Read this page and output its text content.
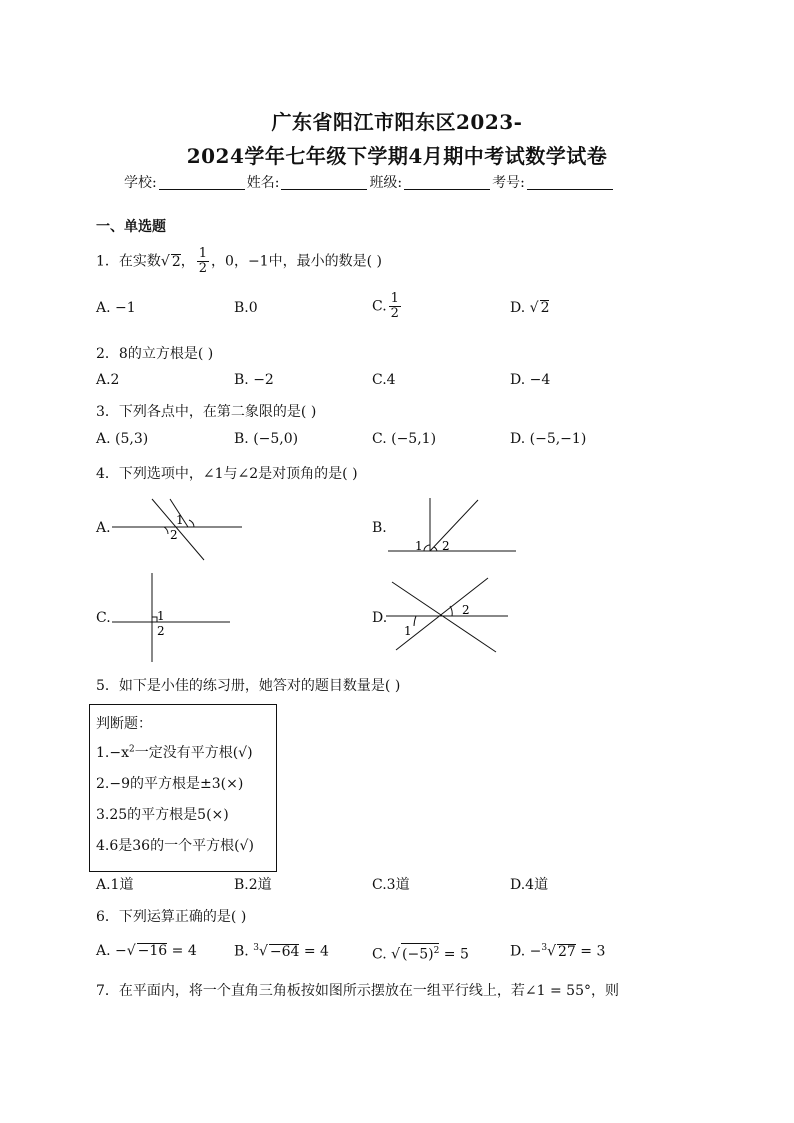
广东省阳江市阳东区2023-
2024学年七年级下学期4月期中考试数学试卷
学校:	姓名:	班级:	考号:
一、单选题
1．在实数√ 2， $\frac{1}{2}$ ，0，−1中，最小的数是( )
A. −1	B.0	C. $\frac{1}{2}$	D. √ 2
2．8的立方根是( )
A.2	B. −2	C.4	D. −4
3．下列各点中，在第二象限的是( )
A. (5,3)	B. (−5,0)	C. (−5,1)	D. (−5,−1)
4．下列选项中，∠1与∠2是对顶角的是( )
A.	1
2	B.
1 2
C.	1
2
D.
1
2
5．如下是小佳的练习册，她答对的题目数量是( )
判断题：
$1.-x^2$一定没有平方根(√)
2.−9的平方根是±3(×)
3.25的平方根是5(×)
4.6是36的一个平方根(√)
A.1道	B.2道	C.3道	D.4道
6．下列运算正确的是( )
A. −√ −16 = 4	B. $^3$√ −64 = 4	C. √ $(-5)^2 = 5$	D. −$^3$√ 27 = 3
7．在平面内，将一个直角三角板按如图所示摆放在一组平行线上，若∠1 = 55°，则
